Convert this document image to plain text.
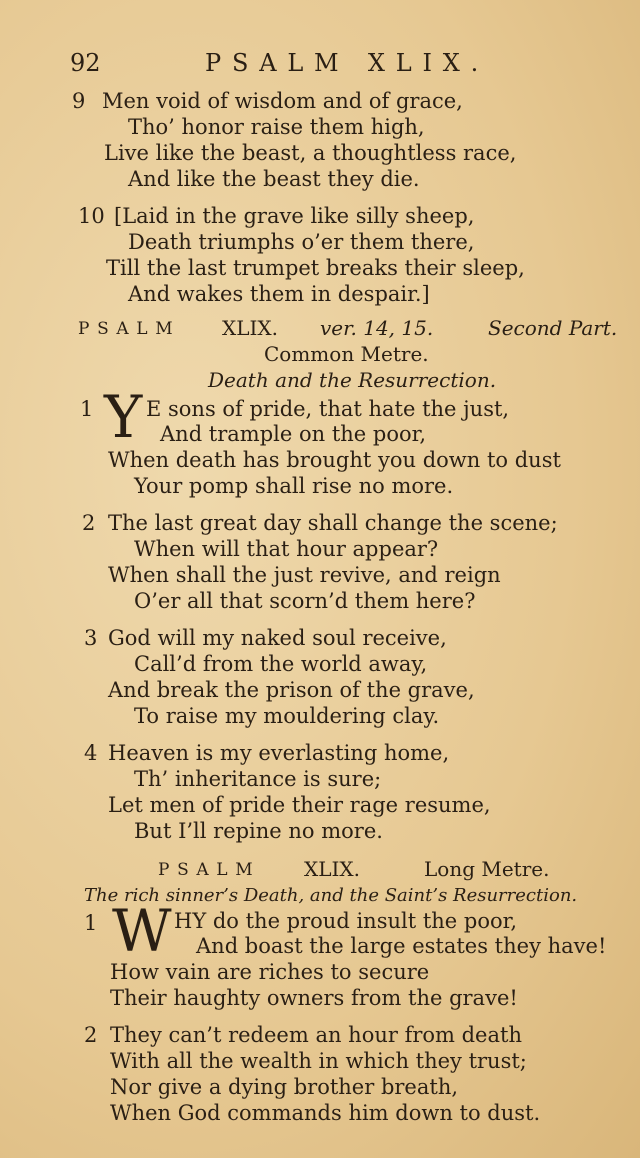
92	PSALM XLIX.
9 Men void of wisdom and of grace,
Tho’ honor raise them high,
Live like the beast, a thoughtless race,
And like the beast they die.
10 [Laid in the grave like silly sheep,
Death triumphs o’er them there,
Till the last trumpet breaks their sleep,
And wakes them in despair.]
PSALM XLIX. ver. 14, 15.	Second Part.
Common Metre.
Death and the Resurrection.
1 Y E sons of pride, that hate the just,
And trample on the poor,
When death has brought you down to dust
Your pomp shall rise no more.
2 The last great day shall change the scene;
When will that hour appear?
When shall the just revive, and reign
O’er all that scorn’d them here?
3 God will my naked soul receive,
Call’d from the world away,
And break the prison of the grave,
To raise my mouldering clay.
4 Heaven is my everlasting home,
Th’ inheritance is sure;
Let men of pride their rage resume,
But I’ll repine no more.
PSALM XLIX.	Long Metre.
The rich sinner’s Death, and the Saint’s Resurrection.
1 W HY do the proud insult the poor,
And boast the large estates they have!
How vain are riches to secure
Their haughty owners from the grave!
2 They can’t redeem an hour from death
With all the wealth in which they trust;
Nor give a dying brother breath,
When God commands him down to dust.
